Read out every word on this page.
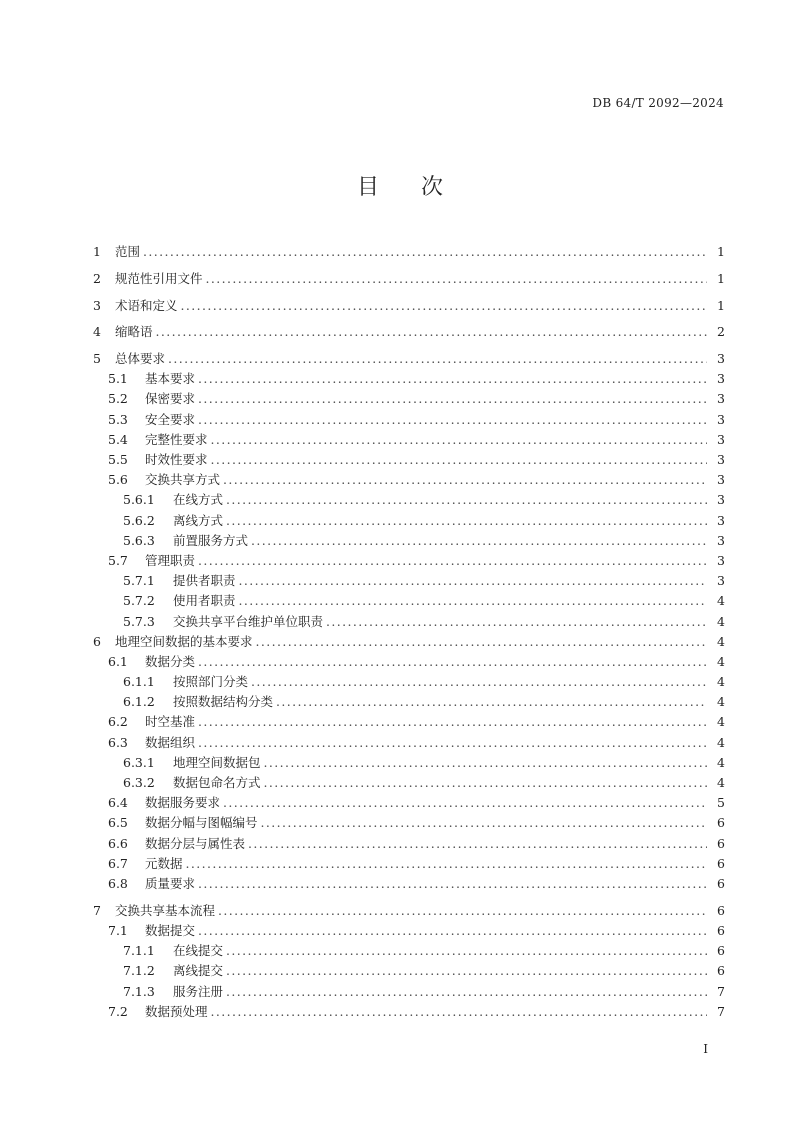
DB 64/T 2092—2024
目次
1	范围 .....	1
2	规范性引用文件 .....	1
3	术语和定义 .....	1
4	缩略语 .....	2
5	总体要求 .....	3
5.1	基本要求 .....	3
5.2	保密要求 .....	3
5.3	安全要求 .....	3
5.4	完整性要求 .....	3
5.5	时效性要求 .....	3
5.6	交换共享方式 .....	3
5.6.1	在线方式 .....	3
5.6.2	离线方式 .....	3
5.6.3	前置服务方式 .....	3
5.7	管理职责 .....	3
5.7.1	提供者职责 .....	3
5.7.2	使用者职责 .....	4
5.7.3	交换共享平台维护单位职责 .....	4
6	地理空间数据的基本要求 .....	4
6.1	数据分类 .....	4
6.1.1	按照部门分类 .....	4
6.1.2	按照数据结构分类 .....	4
6.2	时空基准 .....	4
6.3	数据组织 .....	4
6.3.1	地理空间数据包 .....	4
6.3.2	数据包命名方式 .....	4
6.4	数据服务要求 .....	5
6.5	数据分幅与图幅编号 .....	6
6.6	数据分层与属性表 .....	6
6.7	元数据 .....	6
6.8	质量要求 .....	6
7	交换共享基本流程 .....	6
7.1	数据提交 .....	6
7.1.1	在线提交 .....	6
7.1.2	离线提交 .....	6
7.1.3	服务注册 .....	7
7.2	数据预处理 .....	7
I
